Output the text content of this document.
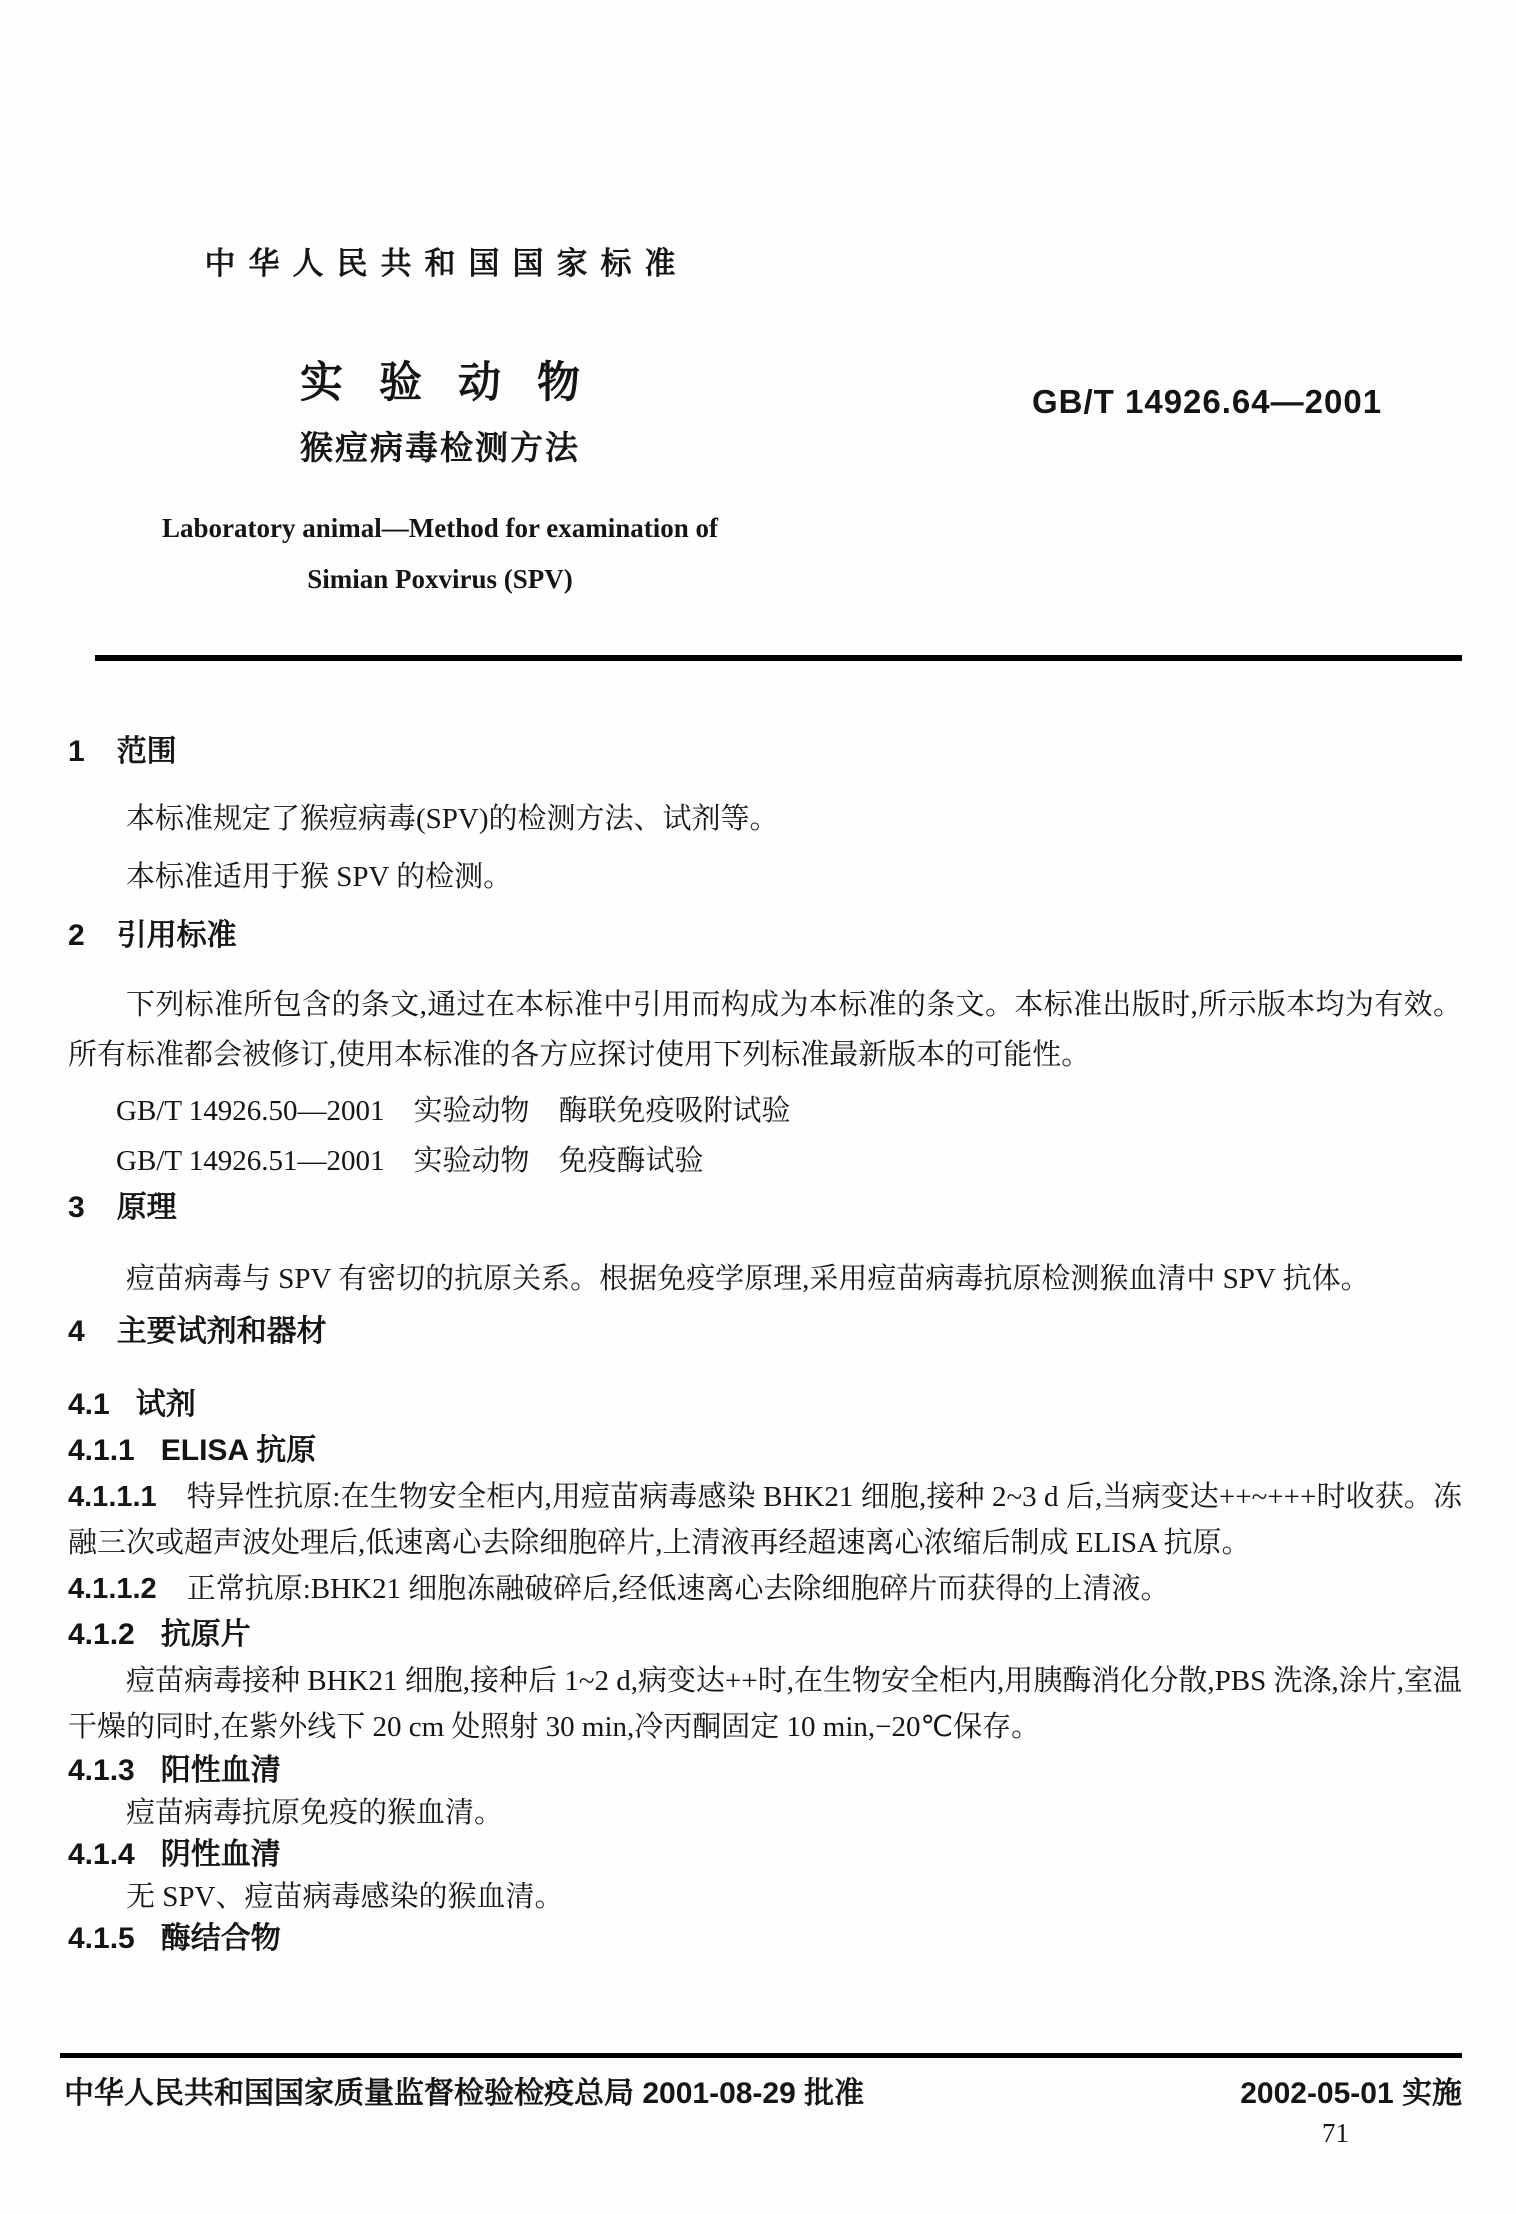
中华人民共和国国家标准
实验动物
猴痘病毒检测方法
Laboratory animal—Method for examination of
Simian Poxvirus (SPV)
GB/T 14926.64—2001
1 范围
本标准规定了猴痘病毒(SPV)的检测方法、试剂等。
本标准适用于猴 SPV 的检测。
2 引用标准
下列标准所包含的条文,通过在本标准中引用而构成为本标准的条文。本标准出版时,所示版本均为有效。所有标准都会被修订,使用本标准的各方应探讨使用下列标准最新版本的可能性。
GB/T 14926.50—2001　实验动物　酶联免疫吸附试验
GB/T 14926.51—2001　实验动物　免疫酶试验
3 原理
痘苗病毒与 SPV 有密切的抗原关系。根据免疫学原理,采用痘苗病毒抗原检测猴血清中 SPV 抗体。
4 主要试剂和器材
4.1 试剂
4.1.1 ELISA 抗原
4.1.1.1 特异性抗原:在生物安全柜内,用痘苗病毒感染 BHK21 细胞,接种 2~3 d 后,当病变达++~+++时收获。冻融三次或超声波处理后,低速离心去除细胞碎片,上清液再经超速离心浓缩后制成 ELISA 抗原。
4.1.1.2 正常抗原:BHK21 细胞冻融破碎后,经低速离心去除细胞碎片而获得的上清液。
4.1.2 抗原片
痘苗病毒接种 BHK21 细胞,接种后 1~2 d,病变达++时,在生物安全柜内,用胰酶消化分散,PBS 洗涤,涂片,室温干燥的同时,在紫外线下 20 cm 处照射 30 min,冷丙酮固定 10 min,−20℃保存。
4.1.3 阳性血清
痘苗病毒抗原免疫的猴血清。
4.1.4 阴性血清
无 SPV、痘苗病毒感染的猴血清。
4.1.5 酶结合物
中华人民共和国国家质量监督检验检疫总局 2001-08-29 批准	2002-05-01 实施
71
